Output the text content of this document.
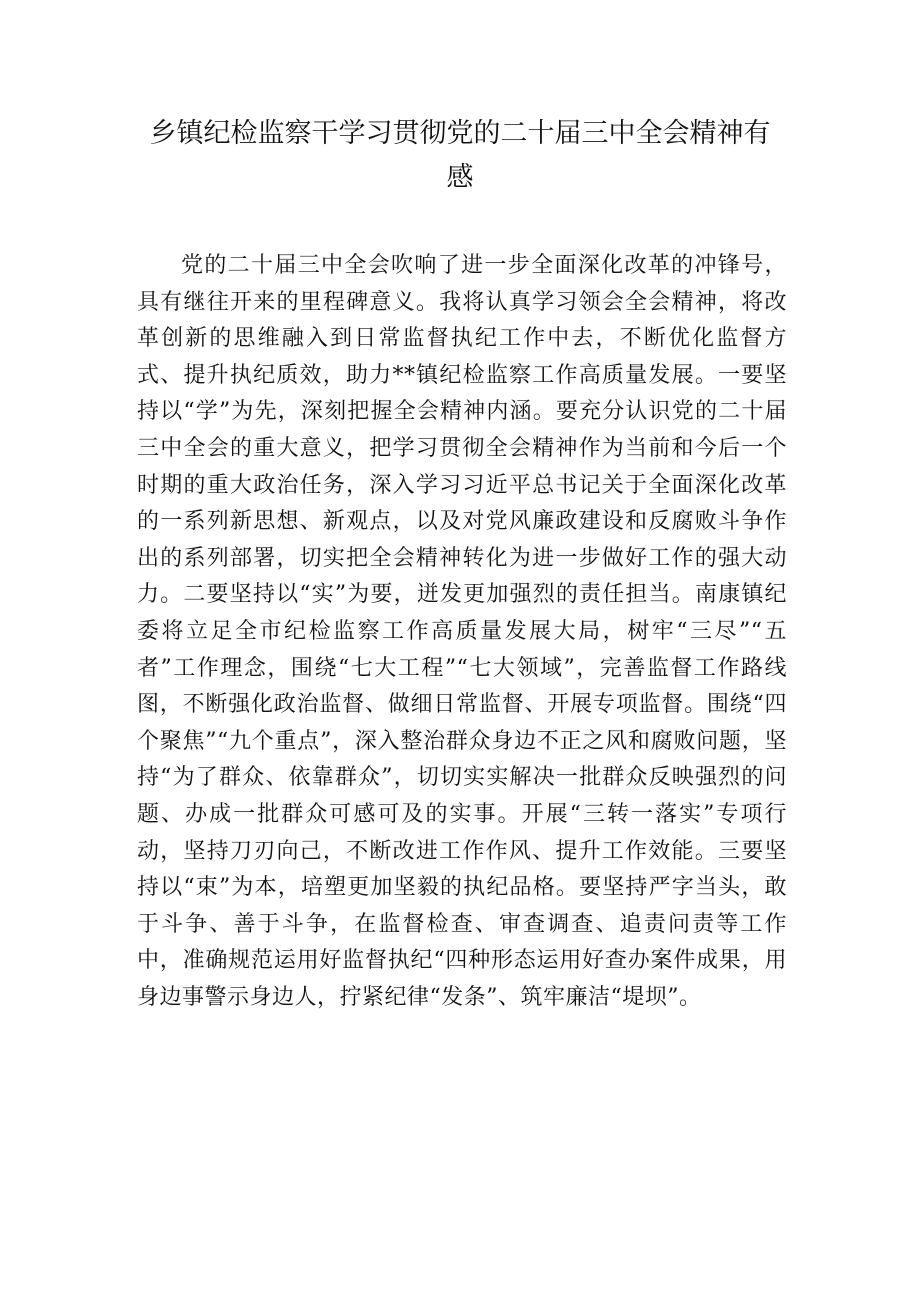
乡镇纪检监察干学习贯彻党的二十届三中全会精神有
感

党的二十届三中全会吹响了进一步全面深化改革的冲锋号，具有继往开来的里程碑意义。我将认真学习领会全会精神，将改革创新的思维融入到日常监督执纪工作中去，不断优化监督方式、提升执纪质效，助力**镇纪检监察工作高质量发展。一要坚持以“学”为先，深刻把握全会精神内涵。要充分认识党的二十届三中全会的重大意义，把学习贯彻全会精神作为当前和今后一个时期的重大政治任务，深入学习习近平总书记关于全面深化改革的一系列新思想、新观点，以及对党风廉政建设和反腐败斗争作出的系列部署，切实把全会精神转化为进一步做好工作的强大动力。二要坚持以“实”为要，迸发更加强烈的责任担当。南康镇纪委将立足全市纪检监察工作高质量发展大局，树牢“三尽”“五者”工作理念，围绕“七大工程”“七大领域”，完善监督工作路线图，不断强化政治监督、做细日常监督、开展专项监督。围绕“四个聚焦”“九个重点”，深入整治群众身边不正之风和腐败问题，坚持“为了群众、依靠群众”，切切实实解决一批群众反映强烈的问题、办成一批群众可感可及的实事。开展“三转一落实”专项行动，坚持刀刃向己，不断改进工作作风、提升工作效能。三要坚持以“束”为本，培塑更加坚毅的执纪品格。要坚持严字当头，敢于斗争、善于斗争，在监督检查、审查调查、追责问责等工作中，准确规范运用好监督执纪“四种形态运用好查办案件成果，用身边事警示身边人，拧紧纪律“发条”、筑牢廉洁“堤坝”。
